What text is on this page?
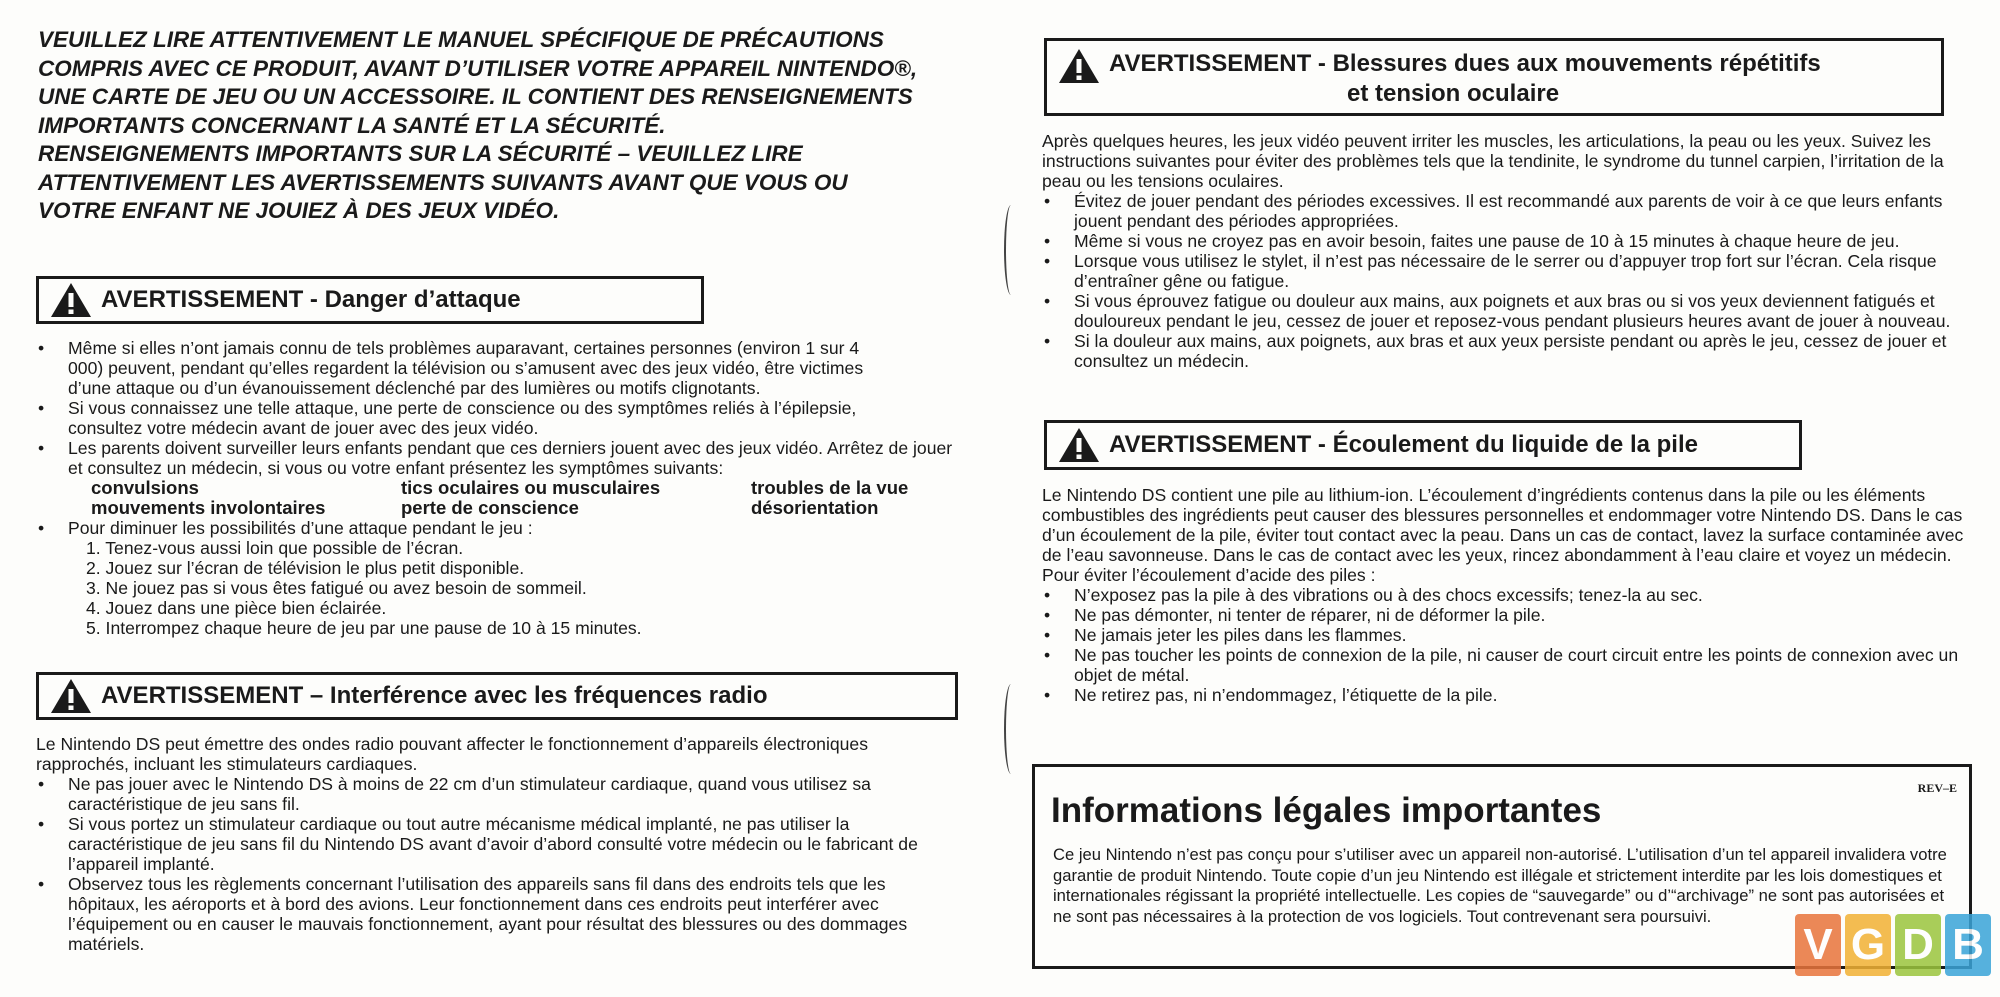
VEUILLEZ LIRE ATTENTIVEMENT LE MANUEL SPÉCIFIQUE DE PRÉCAUTIONS
COMPRIS AVEC CE PRODUIT, AVANT D’UTILISER VOTRE APPAREIL NINTENDO®,
UNE CARTE DE JEU OU UN ACCESSOIRE. IL CONTIENT DES RENSEIGNEMENTS
IMPORTANTS CONCERNANT LA SANTÉ ET LA SÉCURITÉ.
RENSEIGNEMENTS IMPORTANTS SUR LA SÉCURITÉ – VEUILLEZ LIRE
ATTENTIVEMENT LES AVERTISSEMENTS SUIVANTS AVANT QUE VOUS OU
VOTRE ENFANT NE JOUIEZ À DES JEUX VIDÉO.
AVERTISSEMENT - Danger d’attaque
• Même si elles n’ont jamais connu de tels problèmes auparavant, certaines personnes (environ 1 sur 4 000) peuvent, pendant qu’elles regardent la télévision ou s’amusent avec des jeux vidéo, être victimes d’une attaque ou d’un évanouissement déclenché par des lumières ou motifs clignotants.
• Si vous connaissez une telle attaque, une perte de conscience ou des symptômes reliés à l’épilepsie, consultez votre médecin avant de jouer avec des jeux vidéo.
• Les parents doivent surveiller leurs enfants pendant que ces derniers jouent avec des jeux vidéo. Arrêtez de jouer et consultez un médecin, si vous ou votre enfant présentez les symptômes suivants:
convulsions	tics oculaires ou musculaires	troubles de la vue
mouvements involontaires	perte de conscience	désorientation
• Pour diminuer les possibilités d’une attaque pendant le jeu :
1. Tenez-vous aussi loin que possible de l’écran.
2. Jouez sur l’écran de télévision le plus petit disponible.
3. Ne jouez pas si vous êtes fatigué ou avez besoin de sommeil.
4. Jouez dans une pièce bien éclairée.
5. Interrompez chaque heure de jeu par une pause de 10 à 15 minutes.
AVERTISSEMENT – Interférence avec les fréquences radio
Le Nintendo DS peut émettre des ondes radio pouvant affecter le fonctionnement d’appareils électroniques rapprochés, incluant les stimulateurs cardiaques.
• Ne pas jouer avec le Nintendo DS à moins de 22 cm d’un stimulateur cardiaque, quand vous utilisez sa caractéristique de jeu sans fil.
• Si vous portez un stimulateur cardiaque ou tout autre mécanisme médical implanté, ne pas utiliser la caractéristique de jeu sans fil du Nintendo DS avant d’avoir d’abord consulté votre médecin ou le fabricant de l’appareil implanté.
• Observez tous les règlements concernant l’utilisation des appareils sans fil dans des endroits tels que les hôpitaux, les aéroports et à bord des avions. Leur fonctionnement dans ces endroits peut interférer avec l’équipement ou en causer le mauvais fonctionnement, ayant pour résultat des blessures ou des dommages matériels.
AVERTISSEMENT - Blessures dues aux mouvements répétitifs
et tension oculaire
Après quelques heures, les jeux vidéo peuvent irriter les muscles, les articulations, la peau ou les yeux. Suivez les instructions suivantes pour éviter des problèmes tels que la tendinite, le syndrome du tunnel carpien, l’irritation de la peau ou les tensions oculaires.
• Évitez de jouer pendant des périodes excessives. Il est recommandé aux parents de voir à ce que leurs enfants jouent pendant des périodes appropriées.
• Même si vous ne croyez pas en avoir besoin, faites une pause de 10 à 15 minutes à chaque heure de jeu.
• Lorsque vous utilisez le stylet, il n’est pas nécessaire de le serrer ou d’appuyer trop fort sur l’écran. Cela risque d’entraîner gêne ou fatigue.
• Si vous éprouvez fatigue ou douleur aux mains, aux poignets et aux bras ou si vos yeux deviennent fatigués et douloureux pendant le jeu, cessez de jouer et reposez-vous pendant plusieurs heures avant de jouer à nouveau.
• Si la douleur aux mains, aux poignets, aux bras et aux yeux persiste pendant ou après le jeu, cessez de jouer et consultez un médecin.
AVERTISSEMENT - Écoulement du liquide de la pile
Le Nintendo DS contient une pile au lithium-ion. L’écoulement d’ingrédients contenus dans la pile ou les éléments combustibles des ingrédients peut causer des blessures personnelles et endommager votre Nintendo DS. Dans le cas d’un écoulement de la pile, éviter tout contact avec la peau. Dans un cas de contact, lavez la surface contaminée avec de l’eau savonneuse. Dans le cas de contact avec les yeux, rincez abondamment à l’eau claire et voyez un médecin.
Pour éviter l’écoulement d’acide des piles :
• N’exposez pas la pile à des vibrations ou à des chocs excessifs; tenez-la au sec.
• Ne pas démonter, ni tenter de réparer, ni de déformer la pile.
• Ne jamais jeter les piles dans les flammes.
• Ne pas toucher les points de connexion de la pile, ni causer de court circuit entre les points de connexion avec un objet de métal.
• Ne retirez pas, ni n’endommagez, l’étiquette de la pile.
Informations légales importantes
REV–E
Ce jeu Nintendo n’est pas conçu pour s’utiliser avec un appareil non-autorisé. L’utilisation d’un tel appareil invalidera votre garantie de produit Nintendo. Toute copie d’un jeu Nintendo est illégale et strictement interdite par les lois domestiques et internationales régissant la propriété intellectuelle. Les copies de “sauvegarde” ou d’“archivage” ne sont pas autorisées et ne sont pas nécessaires à la protection de vos logiciels. Tout contrevenant sera poursuivi.
V G D B
